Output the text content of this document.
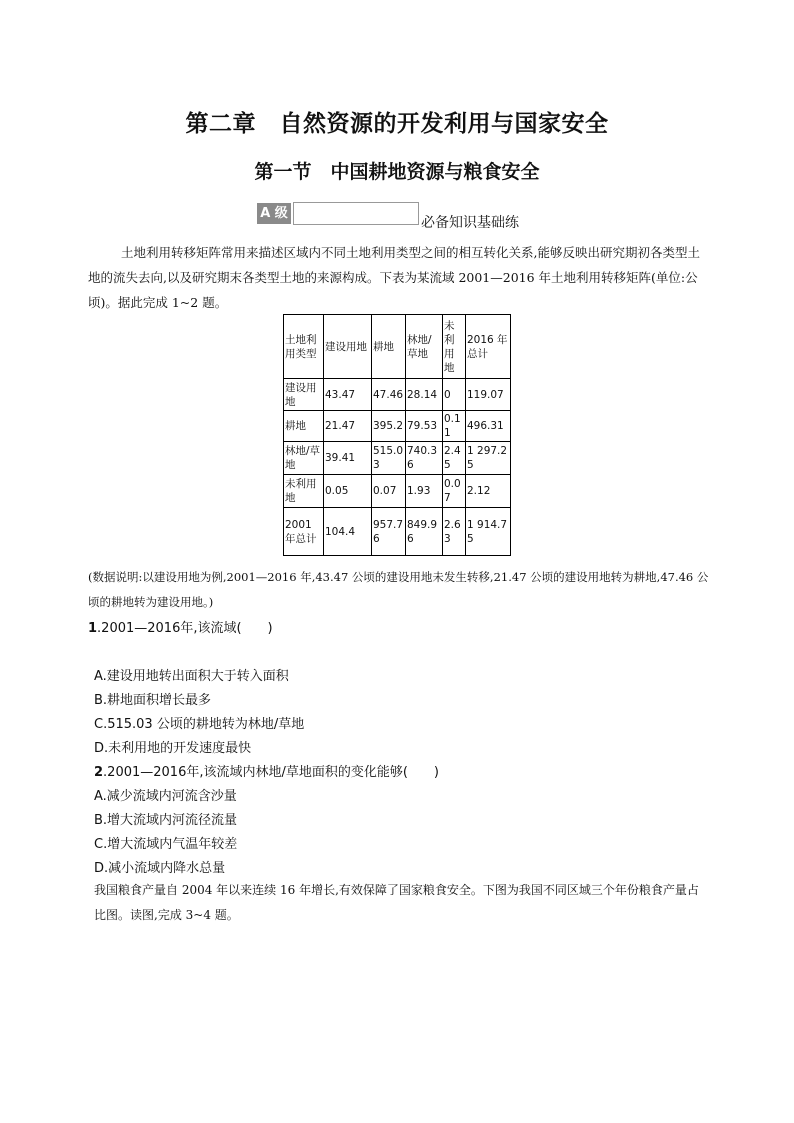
第二章　自然资源的开发利用与国家安全
第一节　中国耕地资源与粮食安全
A 级
必备知识基础练
土地利用转移矩阵常用来描述区域内不同土地利用类型之间的相互转化关系,能够反映出研究期初各类型土地的流失去向,以及研究期末各类型土地的来源构成。下表为某流域 2001—2016 年土地利用转移矩阵(单位:公顷)。据此完成 1~2 题。
土地利用类型	建设用地	耕地	林地/草地	未利用地	2016 年总计
建设用地	43.47	47.46	28.14	0	119.07
耕地	21.47	395.2	79.53	0.11	496.31
林地/草地	39.41	515.03	740.36	2.45	1 297.25
未利用地	0.05	0.07	1.93	0.07	2.12
2001 年总计	104.4	957.76	849.96	2.63	1 914.75
(数据说明:以建设用地为例,2001—2016 年,43.47 公顷的建设用地未发生转移,21.47 公顷的建设用地转为耕地,47.46 公顷的耕地转为建设用地。)
1.2001—2016年,该流域(　　)
A.建设用地转出面积大于转入面积
B.耕地面积增长最多
C.515.03 公顷的耕地转为林地/草地
D.未利用地的开发速度最快
2.2001—2016年,该流域内林地/草地面积的变化能够(　　)
A.减少流域内河流含沙量
B.增大流域内河流径流量
C.增大流域内气温年较差
D.减小流域内降水总量
我国粮食产量自 2004 年以来连续 16 年增长,有效保障了国家粮食安全。下图为我国不同区域三个年份粮食产量占比图。读图,完成 3~4 题。
